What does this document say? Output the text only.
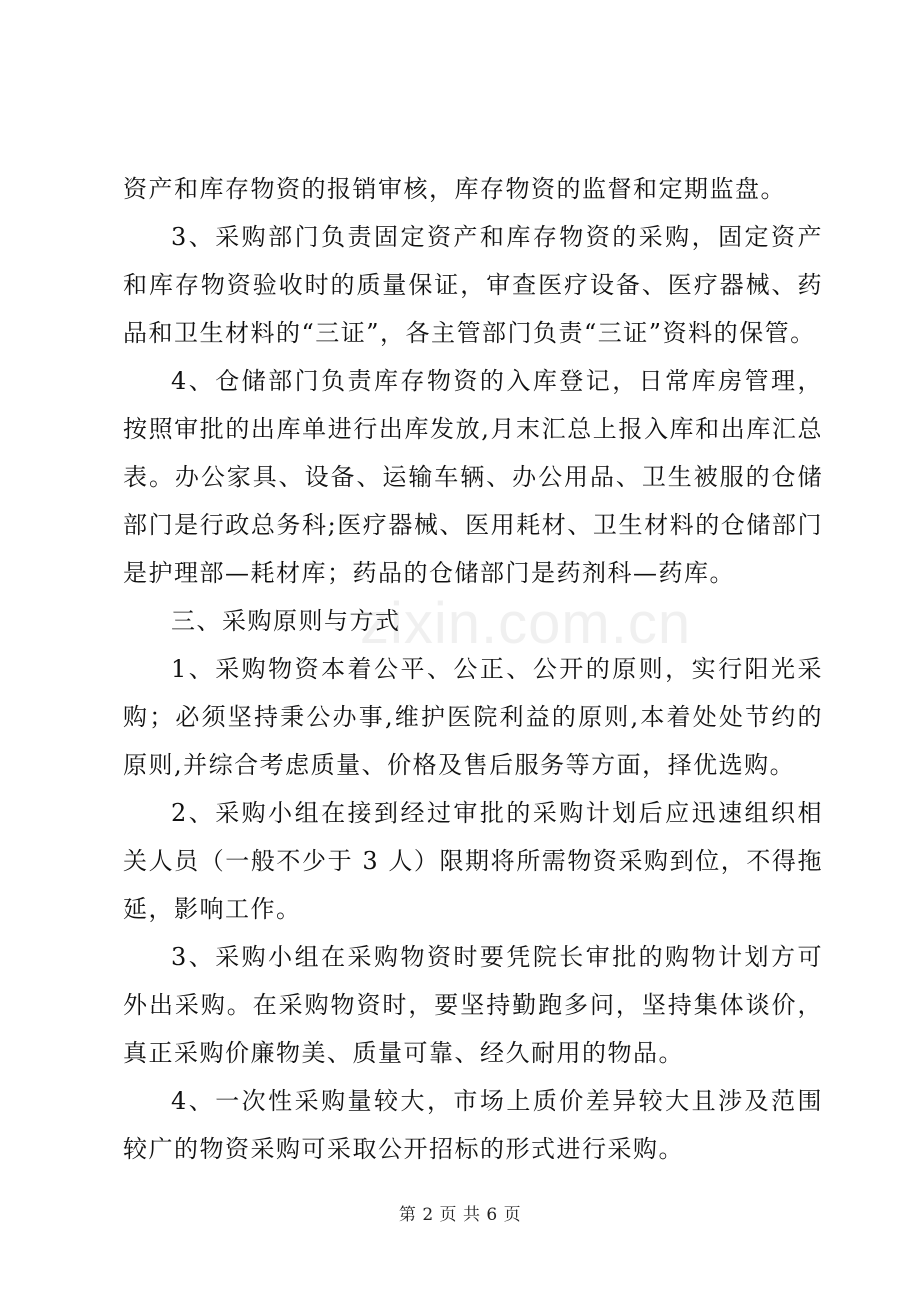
zixin.com.cn

资产和库存物资的报销审核，库存物资的监督和定期监盘。

3、采购部门负责固定资产和库存物资的采购，固定资产和库存物资验收时的质量保证，审查医疗设备、医疗器械、药品和卫生材料的“三证”，各主管部门负责“三证”资料的保管。

4、仓储部门负责库存物资的入库登记，日常库房管理，按照审批的出库单进行出库发放,月末汇总上报入库和出库汇总表。办公家具、设备、运输车辆、办公用品、卫生被服的仓储部门是行政总务科;医疗器械、医用耗材、卫生材料的仓储部门是护理部—耗材库；药品的仓储部门是药剂科—药库。

三、采购原则与方式

1、采购物资本着公平、公正、公开的原则，实行阳光采购；必须坚持秉公办事,维护医院利益的原则,本着处处节约的原则,并综合考虑质量、价格及售后服务等方面，择优选购。

2、采购小组在接到经过审批的采购计划后应迅速组织相关人员（一般不少于 3 人）限期将所需物资采购到位，不得拖延，影响工作。

3、采购小组在采购物资时要凭院长审批的购物计划方可外出采购。在采购物资时，要坚持勤跑多问，坚持集体谈价，真正采购价廉物美、质量可靠、经久耐用的物品。

4、一次性采购量较大，市场上质价差异较大且涉及范围较广的物资采购可采取公开招标的形式进行采购。

第 2 页 共 6 页
